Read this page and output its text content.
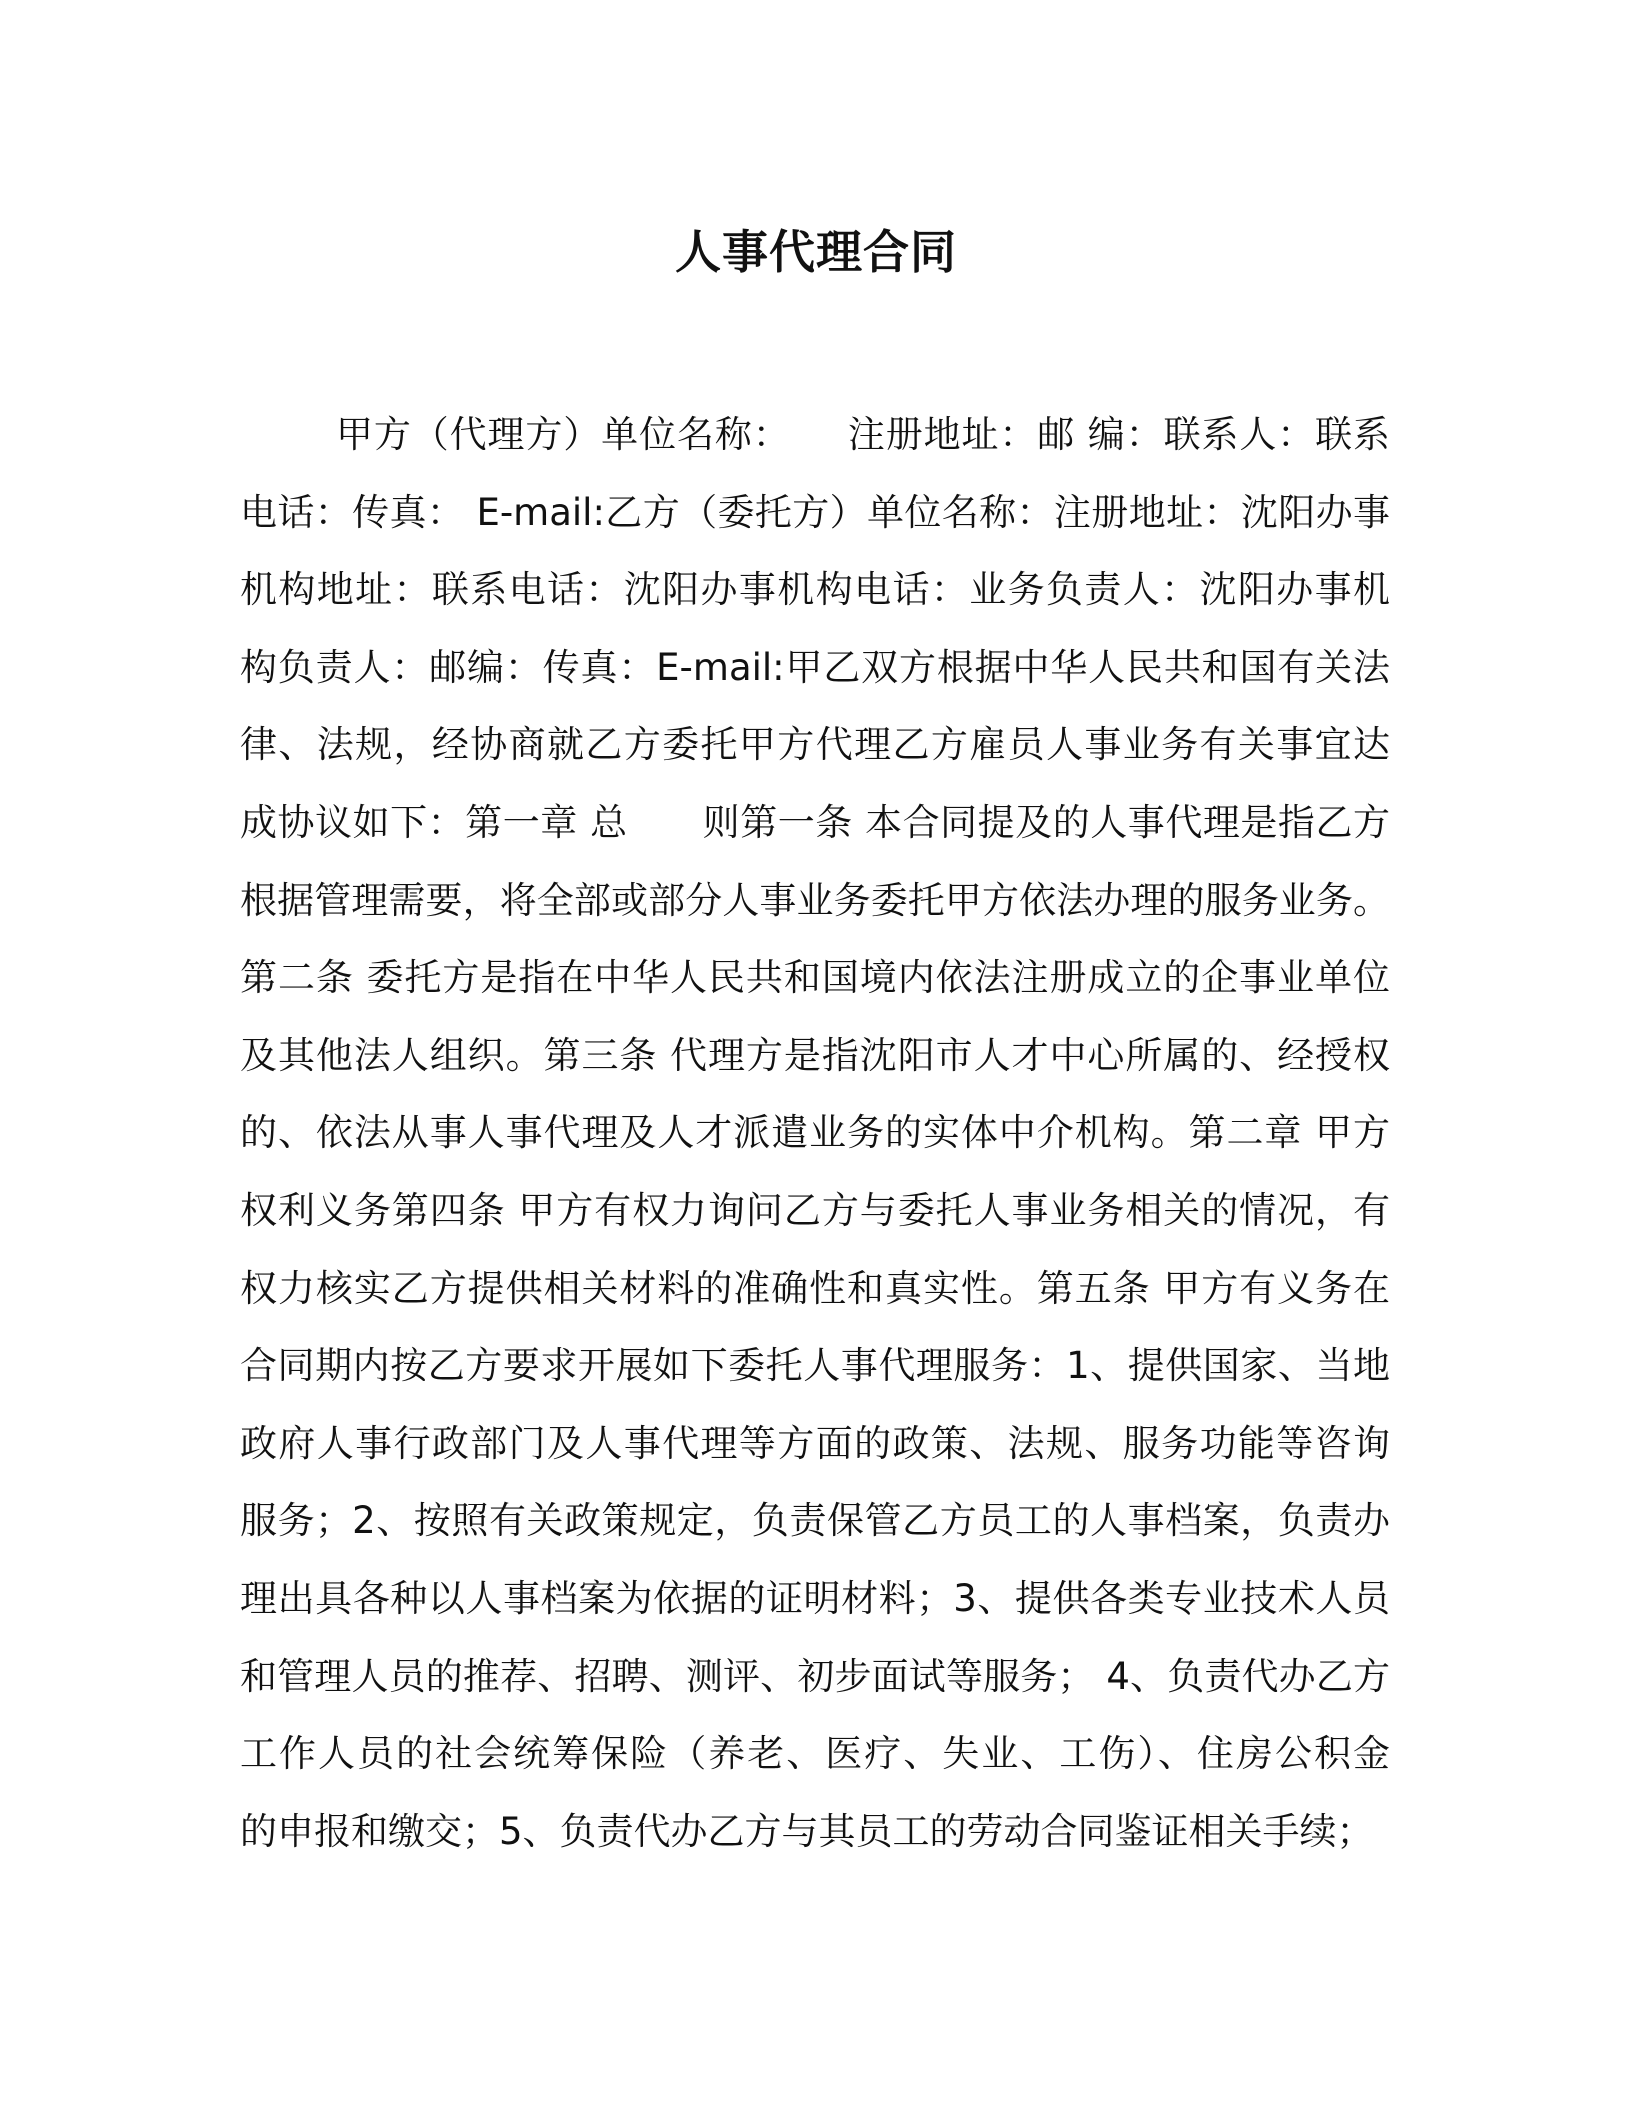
人事代理合同
甲方（代理方）单位名称：　　注册地址：邮 编：联系人：联系
电话：传真： E-mail:乙方（委托方）单位名称：注册地址：沈阳办事
机构地址：联系电话：沈阳办事机构电话：业务负责人：沈阳办事机
构负责人：邮编：传真：E-mail:甲乙双方根据中华人民共和国有关法
律、法规，经协商就乙方委托甲方代理乙方雇员人事业务有关事宜达
成协议如下：第一章 总　　则第一条 本合同提及的人事代理是指乙方
根据管理需要，将全部或部分人事业务委托甲方依法办理的服务业务。
第二条 委托方是指在中华人民共和国境内依法注册成立的企事业单位
及其他法人组织。第三条 代理方是指沈阳市人才中心所属的、经授权
的、依法从事人事代理及人才派遣业务的实体中介机构。第二章 甲方
权利义务第四条 甲方有权力询问乙方与委托人事业务相关的情况，有
权力核实乙方提供相关材料的准确性和真实性。第五条 甲方有义务在
合同期内按乙方要求开展如下委托人事代理服务：1、提供国家、当地
政府人事行政部门及人事代理等方面的政策、法规、服务功能等咨询
服务；2、按照有关政策规定，负责保管乙方员工的人事档案，负责办
理出具各种以人事档案为依据的证明材料；3、提供各类专业技术人员
和管理人员的推荐、招聘、测评、初步面试等服务； 4、负责代办乙方
工作人员的社会统筹保险（养老、医疗、失业、工伤）、住房公积金
的申报和缴交；5、负责代办乙方与其员工的劳动合同鉴证相关手续；
